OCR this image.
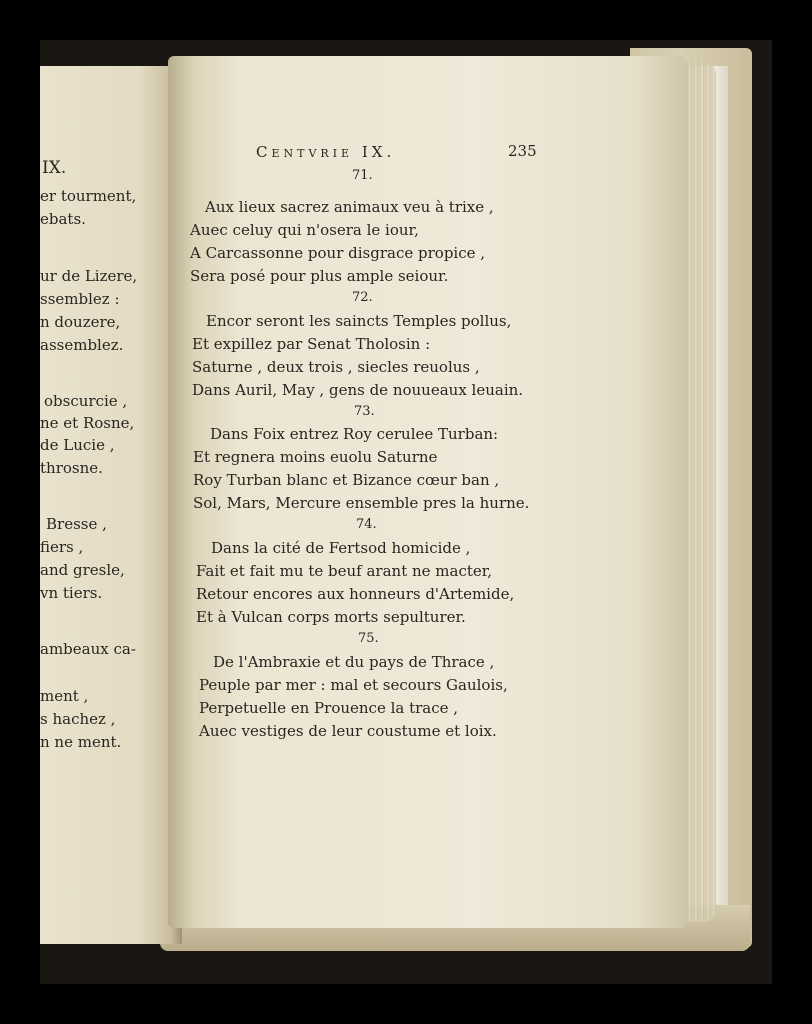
IX.
er tourment,
ebats.
ur de Lizere,
ssemblez :
n douzere,
assemblez.
obscurcie ,
ne et Rosne,
de Lucie ,
throsne.
Bresse ,
fiers ,
and gresle,
vn tiers.
ambeaux ca-
ment ,
s hachez ,
n ne ment.
Centvrie IX.	235
71.
Aux lieux sacrez animaux veu à trixe ,
Auec celuy qui n'osera le iour,
A Carcassonne pour disgrace propice ,
Sera posé pour plus ample seiour.
72.
Encor seront les saincts Temples pollus,
Et expillez par Senat Tholosin :
Saturne , deux trois , siecles reuolus ,
Dans Auril, May , gens de nouueaux leuain.
73.
Dans Foix entrez Roy cerulee Turban:
Et regnera moins euolu Saturne
Roy Turban blanc et Bizance cœur ban ,
Sol, Mars, Mercure ensemble pres la hurne.
74.
Dans la cité de Fertsod homicide ,
Fait et fait mu te beuf arant ne macter,
Retour encores aux honneurs d'Artemide,
Et à Vulcan corps morts sepulturer.
75.
De l'Ambraxie et du pays de Thrace ,
Peuple par mer : mal et secours Gaulois,
Perpetuelle en Prouence la trace ,
Auec vestiges de leur coustume et loix.
